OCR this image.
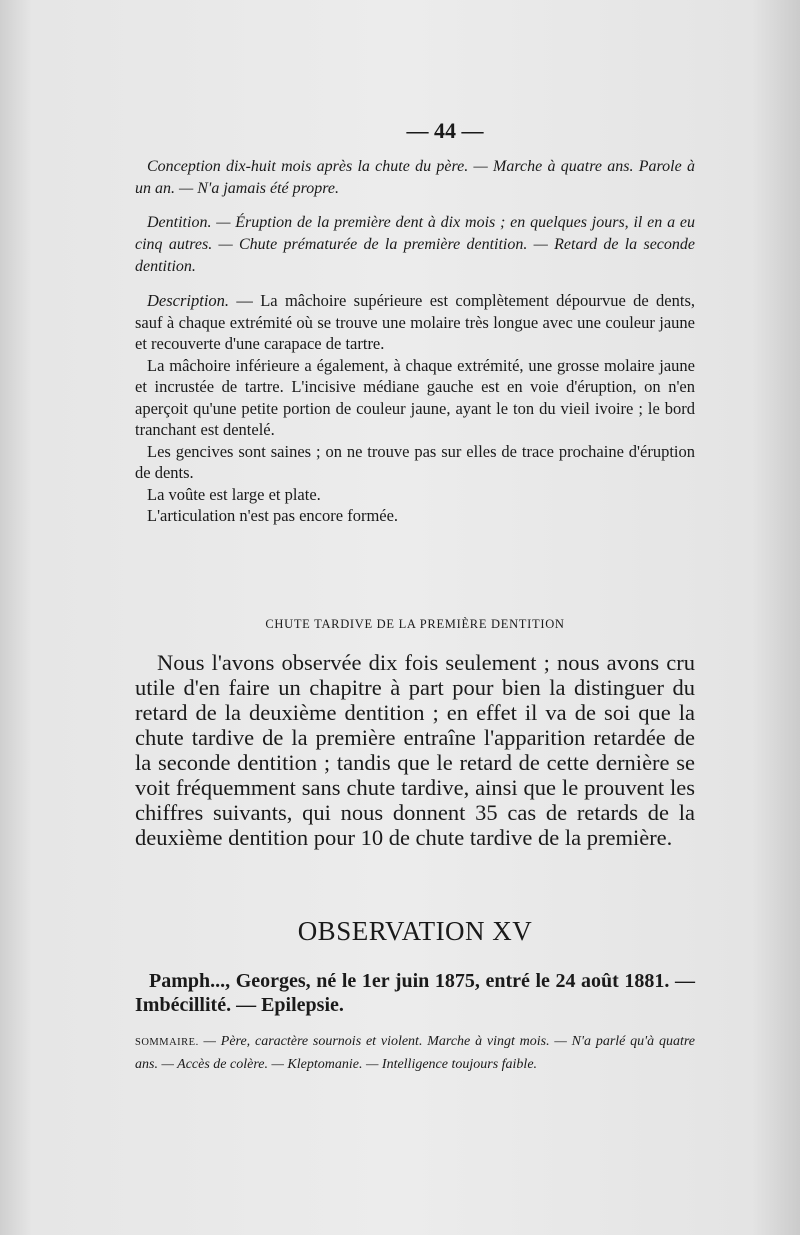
— 44 —

Conception dix-huit mois après la chute du père. — Marche à quatre ans. Parole à un an. — N'a jamais été propre.

Dentition. — Éruption de la première dent à dix mois ; en quelques jours, il en a eu cinq autres. — Chute prématurée de la première dentition. — Retard de la seconde dentition.

Description. — La mâchoire supérieure est complètement dépourvue de dents, sauf à chaque extrémité où se trouve une molaire très longue avec une couleur jaune et recouverte d'une carapace de tartre.

La mâchoire inférieure a également, à chaque extrémité, une grosse molaire jaune et incrustée de tartre. L'incisive médiane gauche est en voie d'éruption, on n'en aperçoit qu'une petite portion de couleur jaune, ayant le ton du vieil ivoire ; le bord tranchant est dentelé.

Les gencives sont saines ; on ne trouve pas sur elles de trace prochaine d'éruption de dents.

La voûte est large et plate.

L'articulation n'est pas encore formée.

CHUTE TARDIVE DE LA PREMIÈRE DENTITION

Nous l'avons observée dix fois seulement ; nous avons cru utile d'en faire un chapitre à part pour bien la distinguer du retard de la deuxième dentition ; en effet il va de soi que la chute tardive de la première entraîne l'apparition retardée de la seconde dentition ; tandis que le retard de cette dernière se voit fréquemment sans chute tardive, ainsi que le prouvent les chiffres suivants, qui nous donnent 35 cas de retards de la deuxième dentition pour 10 de chute tardive de la première.

OBSERVATION XV

Pamph..., Georges, né le 1er juin 1875, entré le 24 août 1881. — Imbécillité. — Epilepsie.

SOMMAIRE. — Père, caractère sournois et violent. Marche à vingt mois. — N'a parlé qu'à quatre ans. — Accès de colère. — Kleptomanie. — Intelligence toujours faible.
